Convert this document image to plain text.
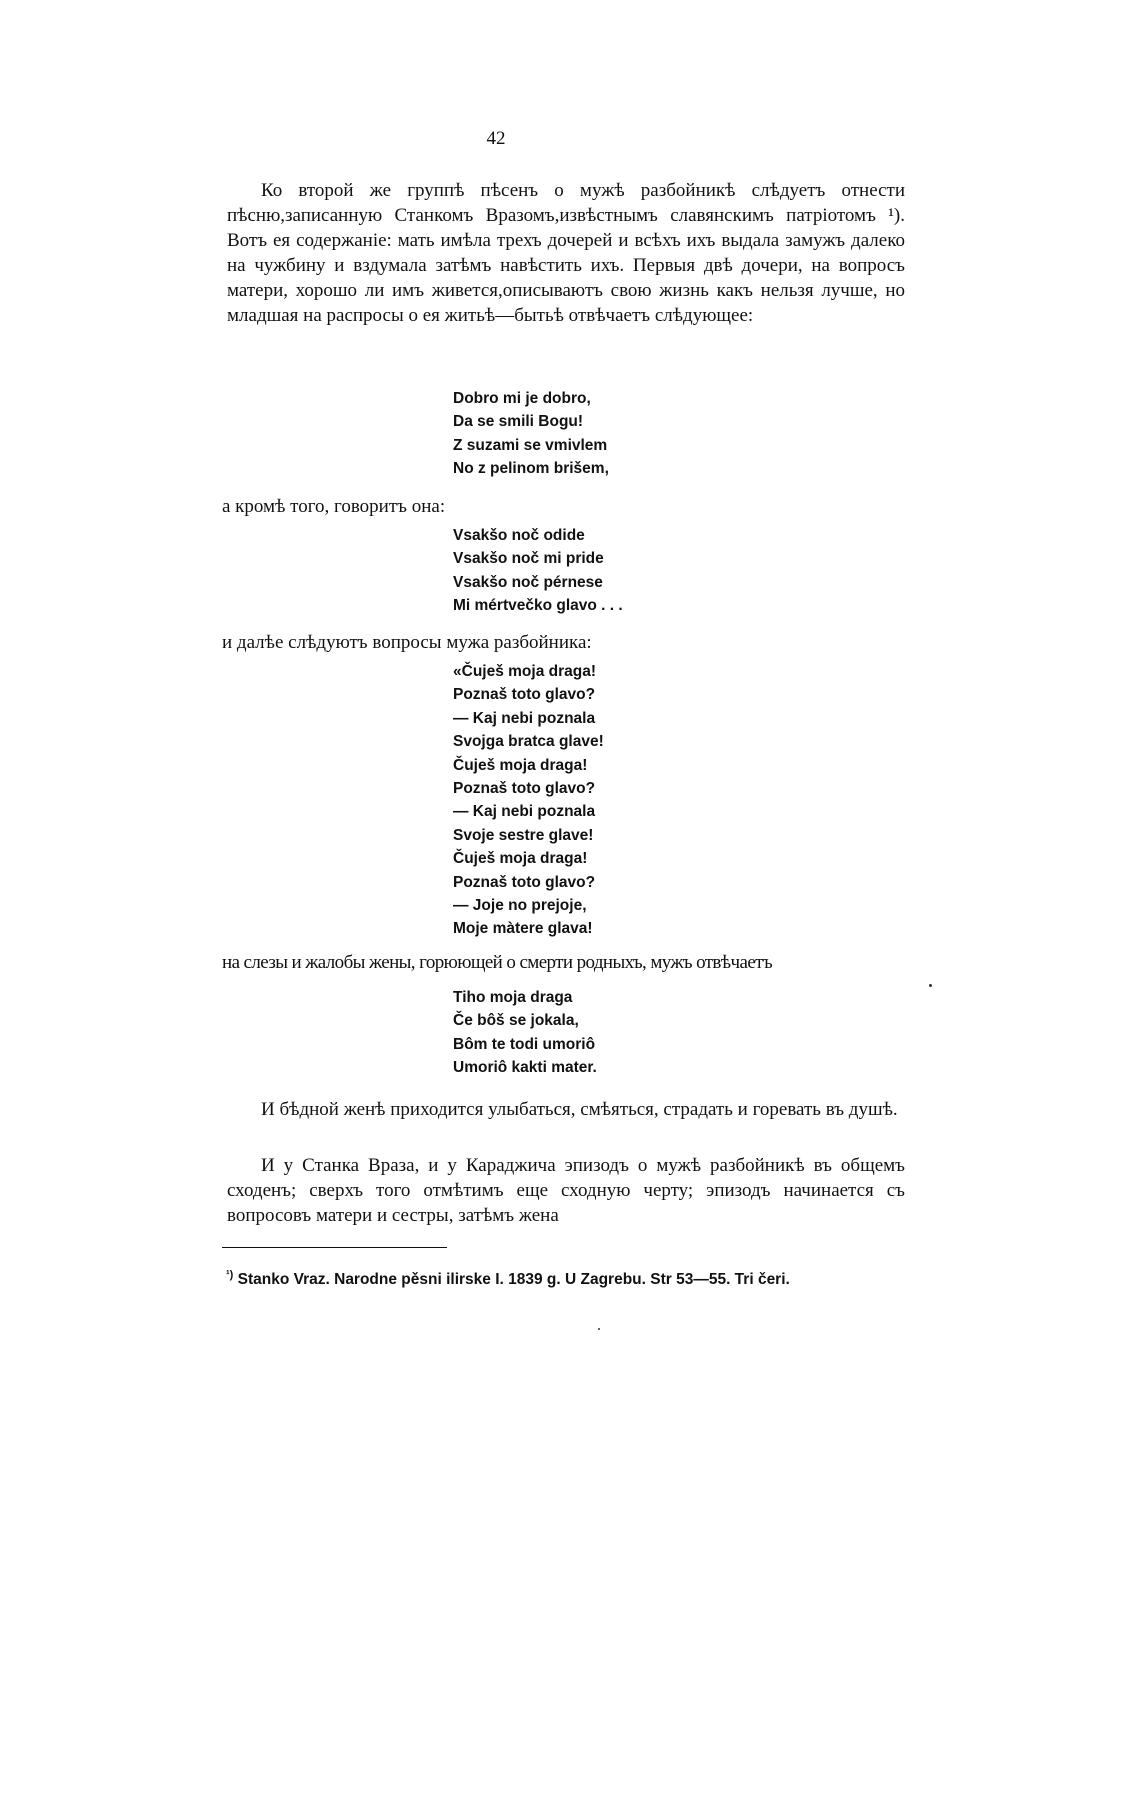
42

Ко второй же группѣ пѣсенъ о мужѣ разбойникѣ слѣдуетъ отнести пѣсню,записанную Станкомъ Вразомъ,извѣстнымъ славянскимъ патріотомъ ¹). Вотъ ея содержаніе: мать имѣла трехъ дочерей и всѣхъ ихъ выдала замужъ далеко на чужбину и вздумала затѣмъ навѣстить ихъ. Первыя двѣ дочери, на вопросъ матери, хорошо ли имъ живется,описываютъ свою жизнь какъ нельзя лучше, но младшая на распросы о ея житьѣ—бытьѣ отвѣчаетъ слѣдующее:

Dobro mi je dobro,
Da se smili Bogu!
Z suzami se vmivlem
No z pelinom brišem,
а кромѣ того, говоритъ она:
Vsakšo noč odide
Vsakšo noč mi pride
Vsakšo noč pérnese
Mi mértvečko glavo . . .
и далѣе слѣдуютъ вопросы мужа разбойника:
«Čuješ moja draga!
Poznaš toto glavo?
— Kaj nebi poznala
Svojga bratca glave!
Čuješ moja draga!
Poznaš toto glavo?
— Kaj nebi poznala
Svoje sestre glave!
Čuješ moja draga!
Poznaš toto glavo?
— Joje no prejoje,
Moje màtere glava!
на слезы и жалобы жены, горюющей о смерти родныхъ, мужъ отвѣчаетъ
Tiho moja draga
Če bôš se jokala,
Bôm te todi umoriô
Umoriô kakti mater.

И бѣдной женѣ приходится улыбаться, смѣяться, страдать и горевать въ душѣ.

И у Станка Враза, и у Караджича эпизодъ о мужѣ разбойникѣ въ общемъ сходенъ; сверхъ того отмѣтимъ еще сходную черту; эпизодъ начинается съ вопросовъ матери и сестры, затѣмъ жена

$^{^1)}$ Stanko Vraz. Narodne pěsni ilirske I. 1839 g. U Zagrebu. Str 53—55. Tri čeri.
